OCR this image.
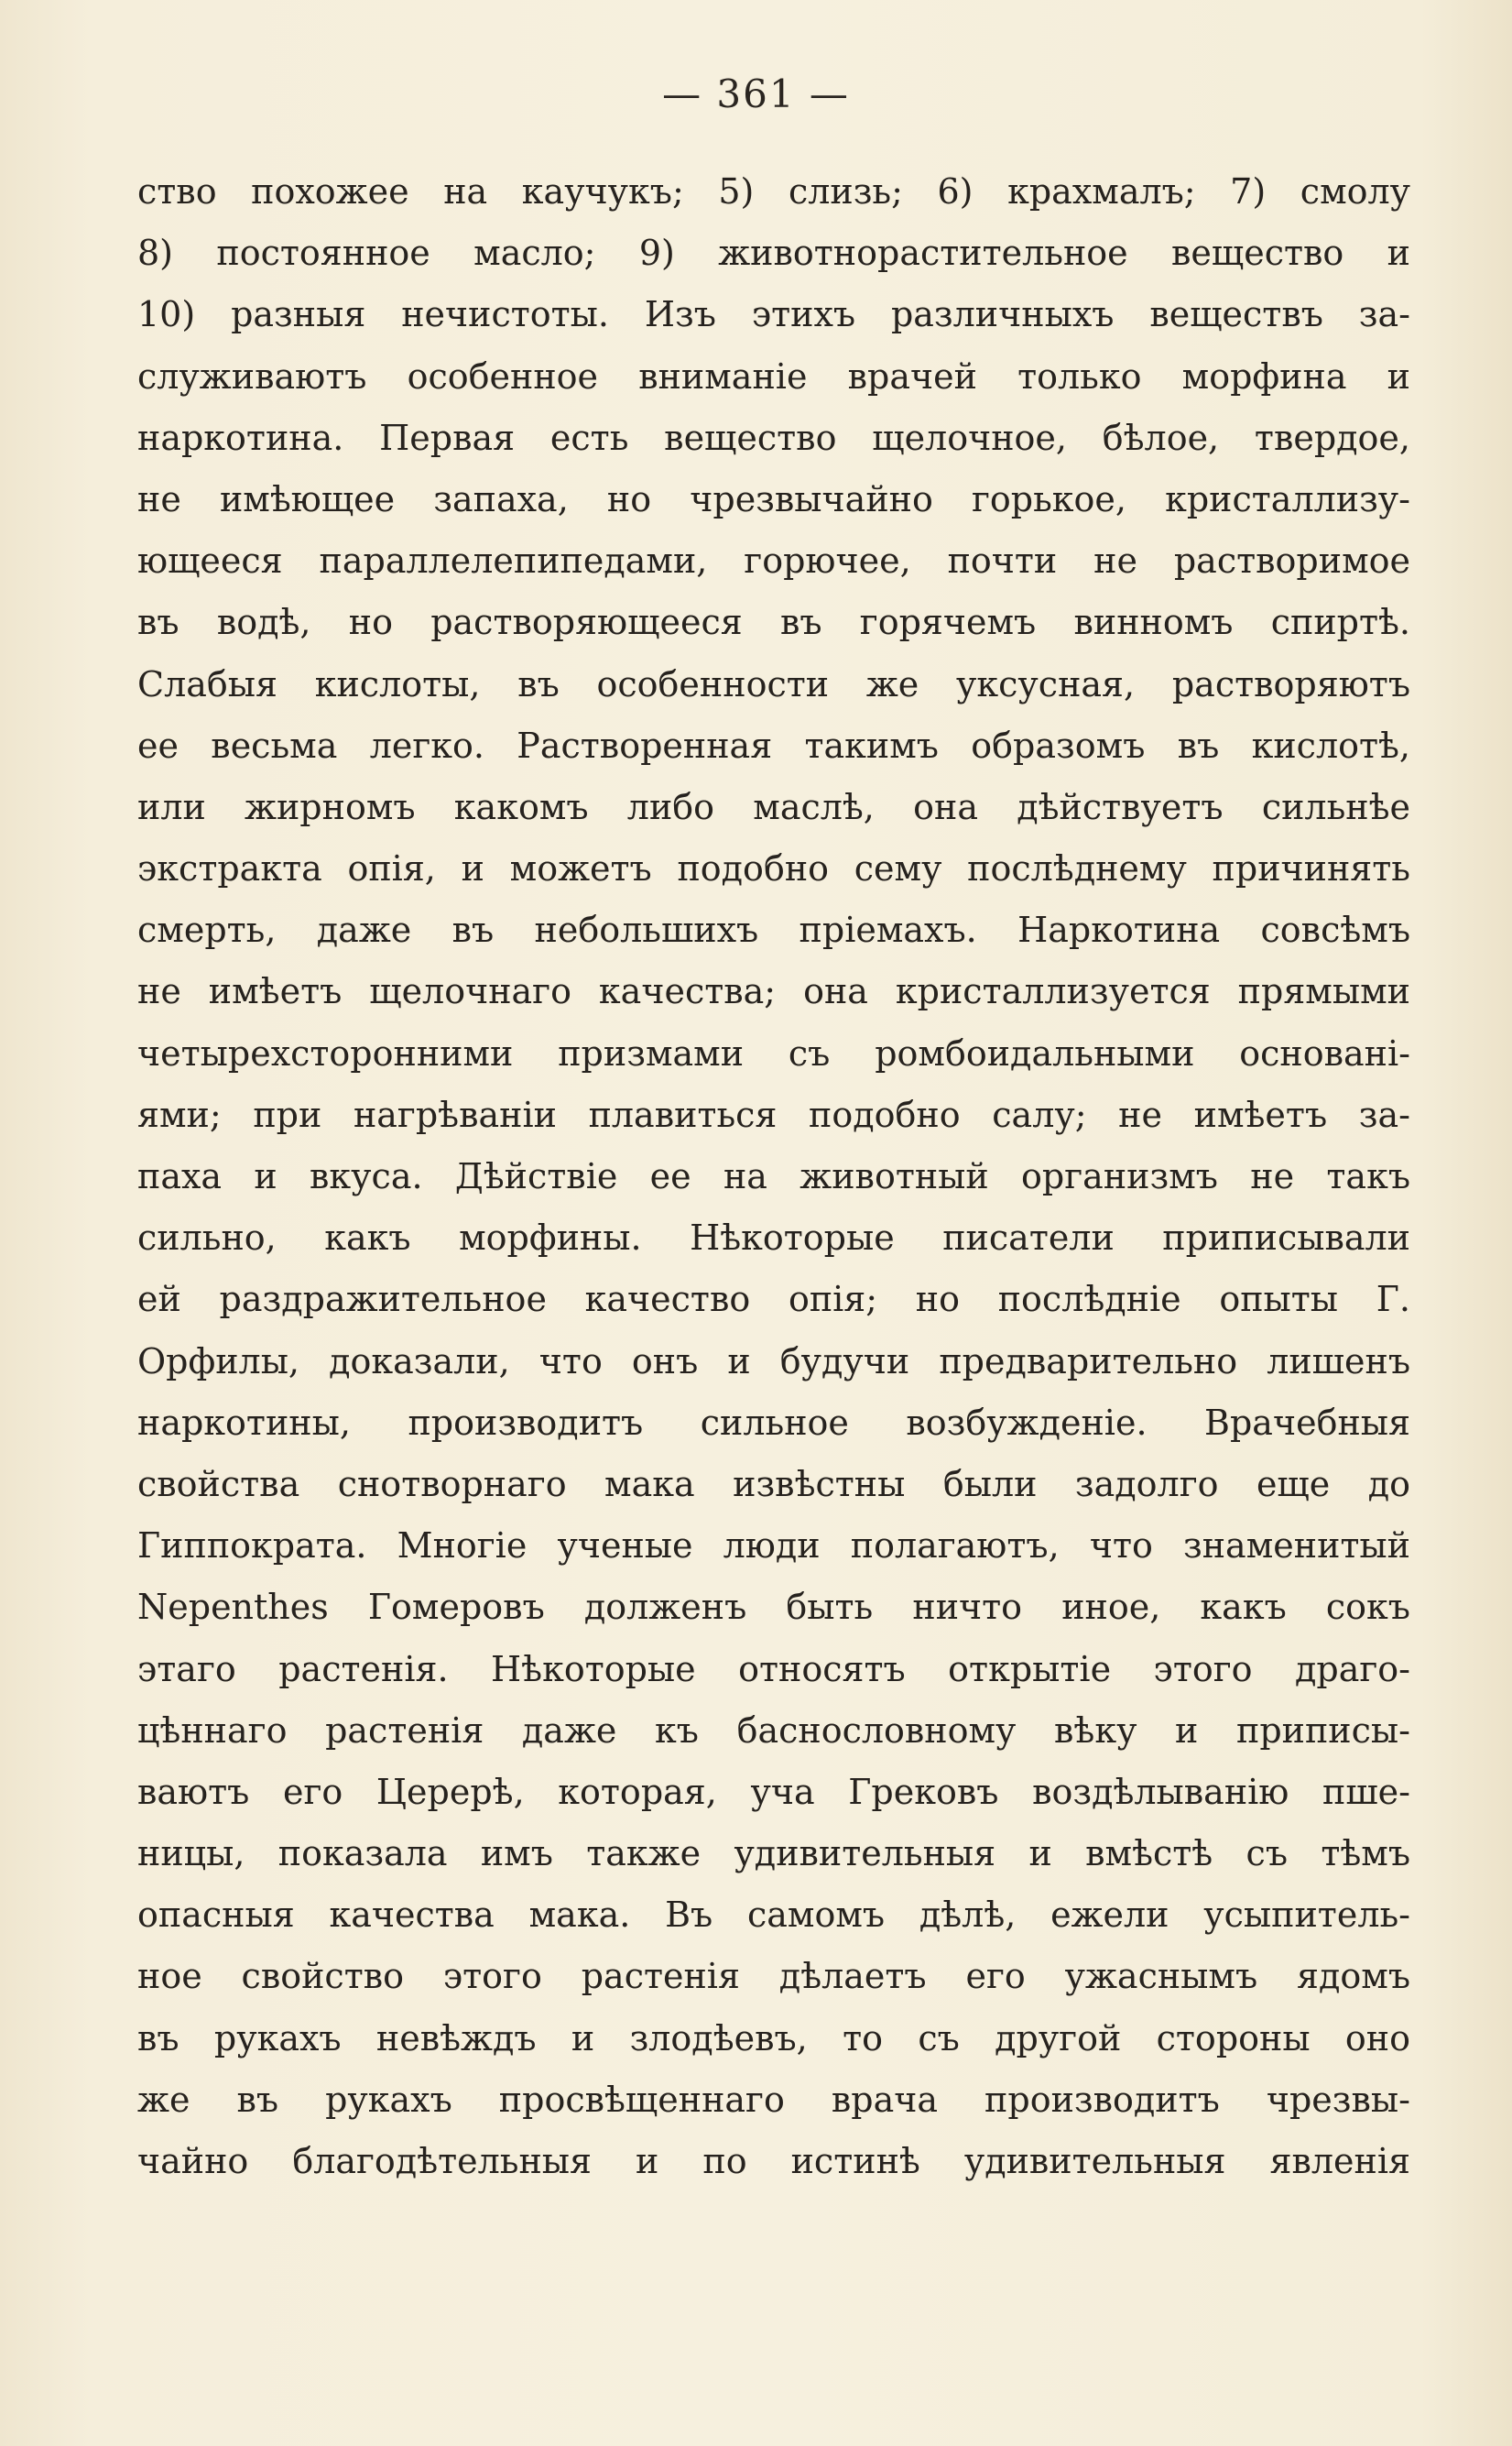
— 361 —
ство похожее на каучукъ; 5) слизь; 6) крахмалъ; 7) смолу
8) постоянное масло; 9) животнорастительное вещество и
10) разныя нечистоты. Изъ этихъ различныхъ веществъ за-
служиваютъ особенное вниманіе врачей только морфина и
наркотина. Первая есть вещество щелочное, бѣлое, твердое,
не имѣющее запаха, но чрезвычайно горькое, кристаллизу-
ющееся параллелепипедами, горючее, почти не растворимое
въ водѣ, но растворяющееся въ горячемъ винномъ спиртѣ.
Слабыя кислоты, въ особенности же уксусная, растворяютъ
ее весьма легко. Растворенная такимъ образомъ въ кислотѣ,
или жирномъ какомъ либо маслѣ, она дѣйствуетъ сильнѣе
экстракта опія, и можетъ подобно сему послѣднему причинять
смерть, даже въ небольшихъ пріемахъ. Наркотина совсѣмъ
не имѣетъ щелочнаго качества; она кристаллизуется прямыми
четырехсторонними призмами съ ромбоидальными основані-
ями; при нагрѣваніи плавиться подобно салу; не имѣетъ за-
паха и вкуса. Дѣйствіе ее на животный организмъ не такъ
сильно, какъ морфины. Нѣкоторые писатели приписывали
ей раздражительное качество опія; но послѣдніе опыты Г.
Орфилы, доказали, что онъ и будучи предварительно лишенъ
наркотины, производитъ сильное возбужденіе. Врачебныя
свойства снотворнаго мака извѣстны были задолго еще до
Гиппократа. Многіе ученые люди полагаютъ, что знаменитый
Nepenthes Гомеровъ долженъ быть ничто иное, какъ сокъ
этаго растенія. Нѣкоторые относятъ открытіе этого драго-
цѣннаго растенія даже къ баснословному вѣку и приписы-
ваютъ его Церерѣ, которая, уча Грековъ воздѣлыванію пше-
ницы, показала имъ также удивительныя и вмѣстѣ съ тѣмъ
опасныя качества мака. Въ самомъ дѣлѣ, ежели усыпитель-
ное свойство этого растенія дѣлаетъ его ужаснымъ ядомъ
въ рукахъ невѣждъ и злодѣевъ, то съ другой стороны оно
же въ рукахъ просвѣщеннаго врача производитъ чрезвы-
чайно благодѣтельныя и по истинѣ удивительныя явленія
